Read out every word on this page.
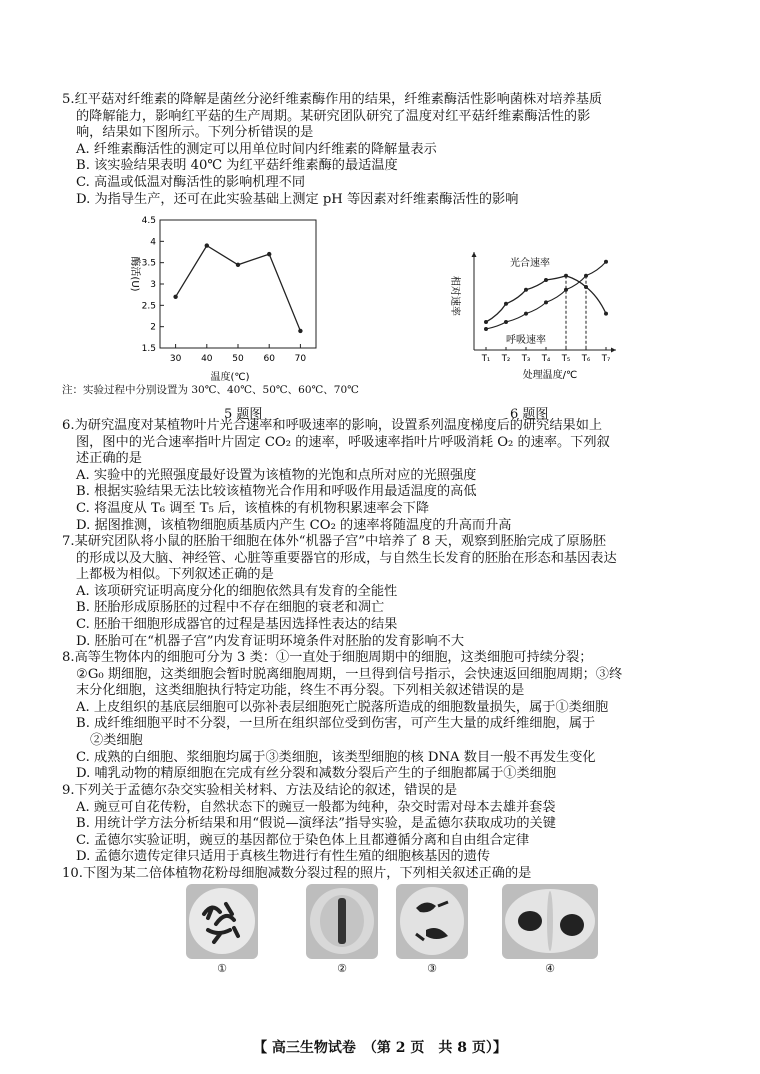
5.红平菇对纤维素的降解是菌丝分泌纤维素酶作用的结果，纤维素酶活性影响菌株对培养基质

的降解能力，影响红平菇的生产周期。某研究团队研究了温度对红平菇纤维素酶活性的影

响，结果如下图所示。下列分析错误的是

A. 纤维素酶活性的测定可以用单位时间内纤维素的降解量表示

B. 该实验结果表明 40℃ 为红平菇纤维素酶的最适温度

C. 高温或低温对酶活性的影响机理不同

D. 为指导生产，还可在此实验基础上测定 pH 等因素对纤维素酶活性的影响

酶活(U)
温度(℃)
1.5
2
2.5
3
3.5
4
4.5
30 40 50 60 70
注：实验过程中分别设置为 30℃、40℃、50℃、60℃、70℃
相对速率
处理温度/℃
光合速率
呼吸速率
T₁ T₂ T₃ T₄ T₅ T₆ T₇
5 题图	6 题图

6.为研究温度对某植物叶片光合速率和呼吸速率的影响，设置系列温度梯度后的研究结果如上

图，图中的光合速率指叶片固定 CO₂ 的速率，呼吸速率指叶片呼吸消耗 O₂ 的速率。下列叙

述正确的是

A. 实验中的光照强度最好设置为该植物的光饱和点所对应的光照强度

B. 根据实验结果无法比较该植物光合作用和呼吸作用最适温度的高低

C. 将温度从 T₆ 调至 T₅ 后，该植株的有机物积累速率会下降

D. 据图推测，该植物细胞质基质内产生 CO₂ 的速率将随温度的升高而升高

7.某研究团队将小鼠的胚胎干细胞在体外“机器子宫”中培养了 8 天，观察到胚胎完成了原肠胚

的形成以及大脑、神经管、心脏等重要器官的形成，与自然生长发育的胚胎在形态和基因表达

上都极为相似。下列叙述正确的是

A. 该项研究证明高度分化的细胞依然具有发育的全能性

B. 胚胎形成原肠胚的过程中不存在细胞的衰老和凋亡

C. 胚胎干细胞形成器官的过程是基因选择性表达的结果

D. 胚胎可在“机器子宫”内发育证明环境条件对胚胎的发育影响不大

8.高等生物体内的细胞可分为 3 类：①一直处于细胞周期中的细胞，这类细胞可持续分裂；

②G₀ 期细胞，这类细胞会暂时脱离细胞周期，一旦得到信号指示，会快速返回细胞周期；③终

末分化细胞，这类细胞执行特定功能，终生不再分裂。下列相关叙述错误的是

A. 上皮组织的基底层细胞可以弥补表层细胞死亡脱落所造成的细胞数量损失，属于①类细胞

B. 成纤维细胞平时不分裂，一旦所在组织部位受到伤害，可产生大量的成纤维细胞，属于

②类细胞

C. 成熟的白细胞、浆细胞均属于③类细胞，该类型细胞的核 DNA 数目一般不再发生变化

D. 哺乳动物的精原细胞在完成有丝分裂和减数分裂后产生的子细胞都属于①类细胞

9.下列关于孟德尔杂交实验相关材料、方法及结论的叙述，错误的是

A. 豌豆可自花传粉，自然状态下的豌豆一般都为纯种，杂交时需对母本去雄并套袋

B. 用统计学方法分析结果和用“假说—演绎法”指导实验，是孟德尔获取成功的关键

C. 孟德尔实验证明，豌豆的基因都位于染色体上且都遵循分离和自由组合定律

D. 孟德尔遗传定律只适用于真核生物进行有性生殖的细胞核基因的遗传

10.下图为某二倍体植物花粉母细胞减数分裂过程的照片，下列相关叙述正确的是

①	②	③	④
【 高三生物试卷　（第 2 页　共 8 页）】
